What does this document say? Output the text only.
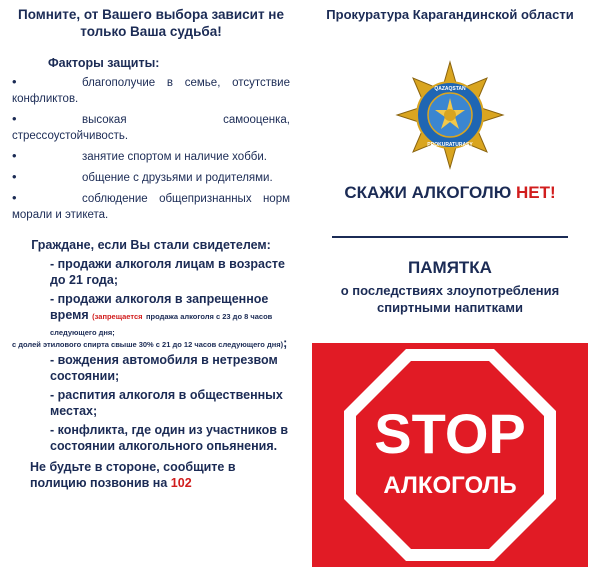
Помните, от Вашего выбора зависит не только Ваша судьба!
Факторы защиты:
•	благополучие в семье, отсутствие конфликтов.
•	высокая самооценка, стрессоустойчивость.
•	занятие спортом и наличие хобби.
•	общение с друзьями и родителями.
•	соблюдение общепризнанных норм морали и этикета.
Граждане, если Вы стали свидетелем:
- продажи алкоголя лицам в возрасте до 21 года;
- продажи алкоголя в запрещенное время (запрещается продажа алкоголя с 23 до 8 часов следующего дня;
с долей этилового спирта свыше 30% с 21 до 12 часов следующего дня);
- вождения автомобиля в нетрезвом состоянии;
- распития алкоголя в общественных местах;
- конфликта, где один из участников в состоянии алкогольного опьянения.
Не будьте в стороне, сообщите в полицию позвонив на 102
Прокуратура Карагандинской области
QAZAQSTAN
PROKURATURASY
СКАЖИ АЛКОГОЛЮ НЕТ!
ПАМЯТКА
о последствиях злоупотребления спиртными напитками
STOP
АЛКОГОЛЬ
